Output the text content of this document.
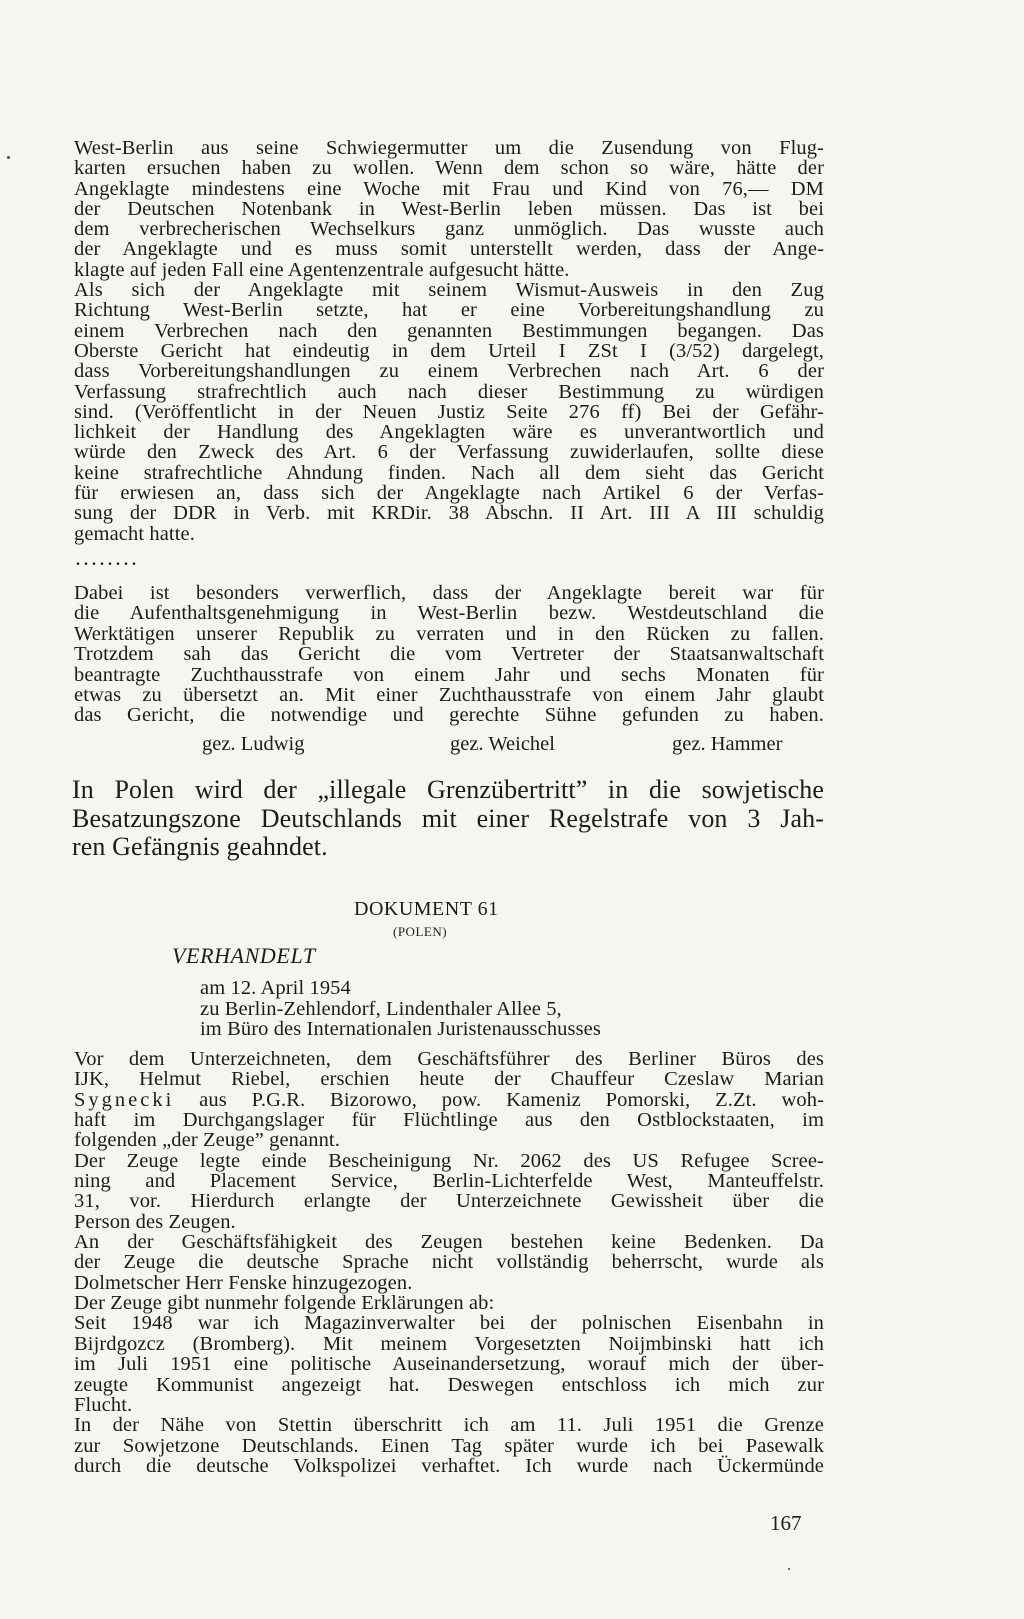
West-Berlin aus seine Schwiegermutter um die Zusendung von Flug-
karten ersuchen haben zu wollen. Wenn dem schon so wäre, hätte der
Angeklagte mindestens eine Woche mit Frau und Kind von 76,— DM
der Deutschen Notenbank in West-Berlin leben müssen. Das ist bei
dem verbrecherischen Wechselkurs ganz unmöglich. Das wusste auch
der Angeklagte und es muss somit unterstellt werden, dass der Ange-
klagte auf jeden Fall eine Agentenzentrale aufgesucht hätte.
Als sich der Angeklagte mit seinem Wismut-Ausweis in den Zug
Richtung West-Berlin setzte, hat er eine Vorbereitungshandlung zu
einem Verbrechen nach den genannten Bestimmungen begangen. Das
Oberste Gericht hat eindeutig in dem Urteil I ZSt I (3/52) dargelegt,
dass Vorbereitungshandlungen zu einem Verbrechen nach Art. 6 der
Verfassung strafrechtlich auch nach dieser Bestimmung zu würdigen
sind. (Veröffentlicht in der Neuen Justiz Seite 276 ff) Bei der Gefähr-
lichkeit der Handlung des Angeklagten wäre es unverantwortlich und
würde den Zweck des Art. 6 der Verfassung zuwiderlaufen, sollte diese
keine strafrechtliche Ahndung finden. Nach all dem sieht das Gericht
für erwiesen an, dass sich der Angeklagte nach Artikel 6 der Verfas-
sung der DDR in Verb. mit KRDir. 38 Abschn. II Art. III A III schuldig
gemacht hatte.
........
Dabei ist besonders verwerflich, dass der Angeklagte bereit war für
die Aufenthaltsgenehmigung in West-Berlin bezw. Westdeutschland die
Werktätigen unserer Republik zu verraten und in den Rücken zu fallen.
Trotzdem sah das Gericht die vom Vertreter der Staatsanwaltschaft
beantragte Zuchthausstrafe von einem Jahr und sechs Monaten für
etwas zu übersetzt an. Mit einer Zuchthausstrafe von einem Jahr glaubt
das Gericht, die notwendige und gerechte Sühne gefunden zu haben.
gez. Ludwig	gez. Weichel	gez. Hammer
In Polen wird der „illegale Grenzübertritt” in die sowjetische
Besatzungszone Deutschlands mit einer Regelstrafe von 3 Jah-
ren Gefängnis geahndet.
DOKUMENT 61
(POLEN)
VERHANDELT
am 12. April 1954
zu Berlin-Zehlendorf, Lindenthaler Allee 5,
im Büro des Internationalen Juristenausschusses
Vor dem Unterzeichneten, dem Geschäftsführer des Berliner Büros des
IJK, Helmut Riebel, erschien heute der Chauffeur Czeslaw Marian
Sygnecki aus P.G.R. Bizorowo, pow. Kameniz Pomorski, Z.Zt. woh-
haft im Durchgangslager für Flüchtlinge aus den Ostblockstaaten, im
folgenden „der Zeuge” genannt.
Der Zeuge legte einde Bescheinigung Nr. 2062 des US Refugee Scree-
ning and Placement Service, Berlin-Lichterfelde West, Manteuffelstr.
31, vor. Hierdurch erlangte der Unterzeichnete Gewissheit über die
Person des Zeugen.
An der Geschäftsfähigkeit des Zeugen bestehen keine Bedenken. Da
der Zeuge die deutsche Sprache nicht vollständig beherrscht, wurde als
Dolmetscher Herr Fenske hinzugezogen.
Der Zeuge gibt nunmehr folgende Erklärungen ab:
Seit 1948 war ich Magazinverwalter bei der polnischen Eisenbahn in
Bijrdgozcz (Bromberg). Mit meinem Vorgesetzten Noijmbinski hatt ich
im Juli 1951 eine politische Auseinandersetzung, worauf mich der über-
zeugte Kommunist angezeigt hat. Deswegen entschloss ich mich zur
Flucht.
In der Nähe von Stettin überschritt ich am 11. Juli 1951 die Grenze
zur Sowjetzone Deutschlands. Einen Tag später wurde ich bei Pasewalk
durch die deutsche Volkspolizei verhaftet. Ich wurde nach Ückermünde
167
